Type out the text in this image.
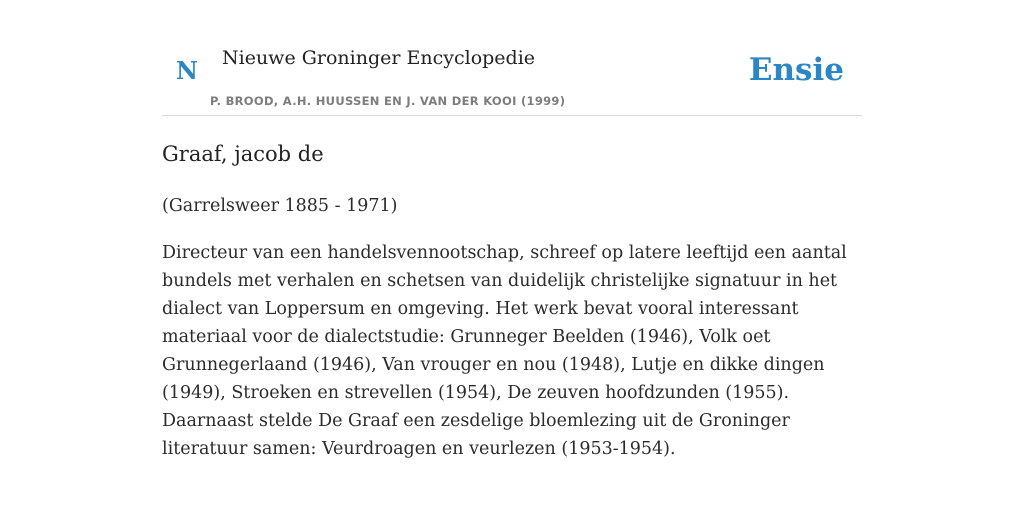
N Nieuwe Groninger Encyclopedie
P. BROOD, A.H. HUUSSEN EN J. VAN DER KOOI (1999)
Ensie
Graaf, jacob de

(Garrelsweer 1885 - 1971)

Directeur van een handelsvennootschap, schreef op latere leeftijd een aantal bundels met verhalen en schetsen van duidelijk christelijke signatuur in het dialect van Loppersum en omgeving. Het werk bevat vooral interessant materiaal voor de dialectstudie: Grunneger Beelden (1946), Volk oet Grunnegerlaand (1946), Van vrouger en nou (1948), Lutje en dikke dingen (1949), Stroeken en strevellen (1954), De zeuven hoofdzunden (1955). Daarnaast stelde De Graaf een zesdelige bloemlezing uit de Groninger literatuur samen: Veurdroagen en veurlezen (1953-1954).
